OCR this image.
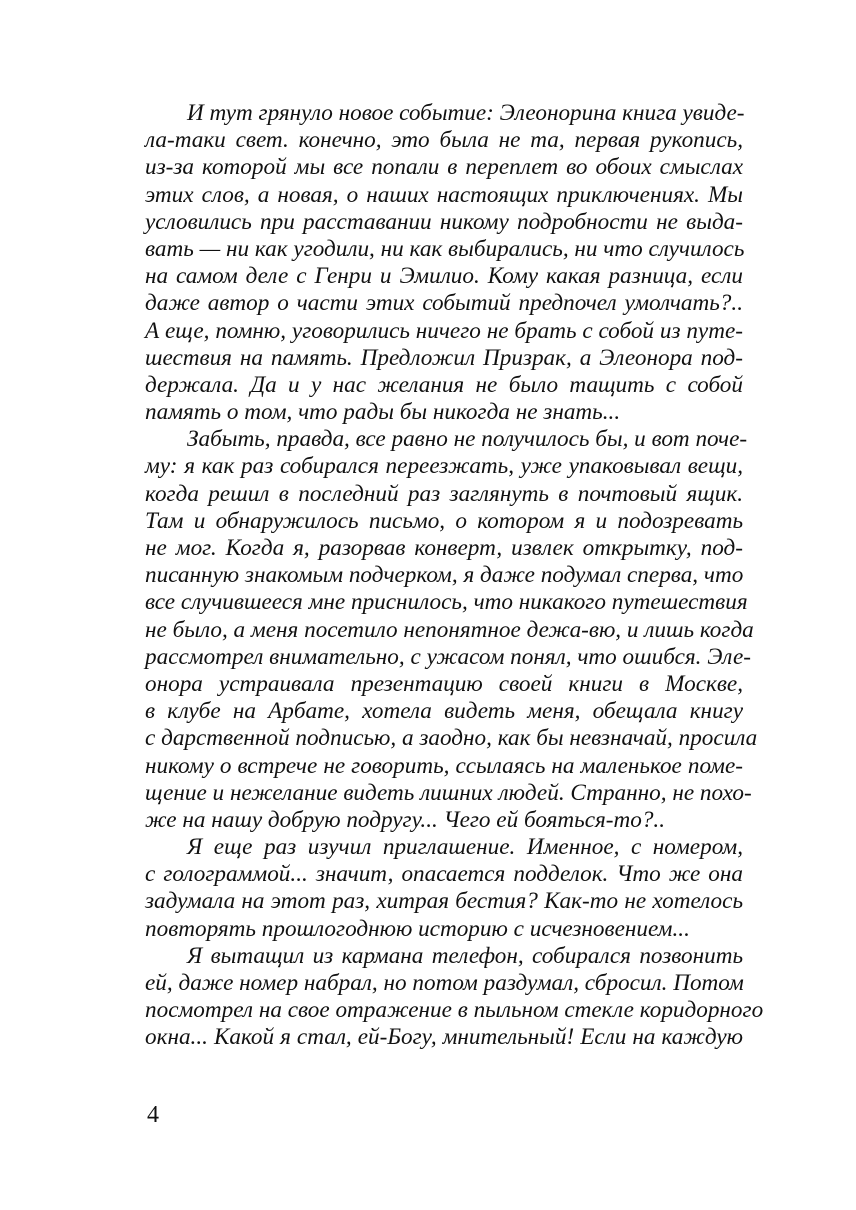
И тут грянуло новое событие: Элеонорина книга увиде-
ла-таки свет. конечно, это была не та, первая рукопись,
из-за которой мы все попали в переплет во обоих смыслах
этих слов, а новая, о наших настоящих приключениях. Мы
условились при расставании никому подробности не выда-
вать — ни как угодили, ни как выбирались, ни что случилось
на самом деле с Генри и Эмилио. Кому какая разница, если
даже автор о части этих событий предпочел умолчать?..
А еще, помню, уговорились ничего не брать с собой из путе-
шествия на память. Предложил Призрак, а Элеонора под-
держала. Да и у нас желания не было тащить с собой
память о том, что рады бы никогда не знать...
Забыть, правда, все равно не получилось бы, и вот поче-
му: я как раз собирался переезжать, уже упаковывал вещи,
когда решил в последний раз заглянуть в почтовый ящик.
Там и обнаружилось письмо, о котором я и подозревать
не мог. Когда я, разорвав конверт, извлек открытку, под-
писанную знакомым подчерком, я даже подумал сперва, что
все случившееся мне приснилось, что никакого путешествия
не было, а меня посетило непонятное дежа-вю, и лишь когда
рассмотрел внимательно, с ужасом понял, что ошибся. Эле-
онора устраивала презентацию своей книги в Москве,
в клубе на Арбате, хотела видеть меня, обещала книгу
с дарственной подписью, а заодно, как бы невзначай, просила
никому о встрече не говорить, ссылаясь на маленькое поме-
щение и нежелание видеть лишних людей. Странно, не похо-
же на нашу добрую подругу... Чего ей бояться-то?..
Я еще раз изучил приглашение. Именное, с номером,
с голограммой... значит, опасается подделок. Что же она
задумала на этот раз, хитрая бестия? Как-то не хотелось
повторять прошлогоднюю историю с исчезновением...
Я вытащил из кармана телефон, собирался позвонить
ей, даже номер набрал, но потом раздумал, сбросил. Потом
посмотрел на свое отражение в пыльном стекле коридорного
окна... Какой я стал, ей-Богу, мнительный! Если на каждую
4
